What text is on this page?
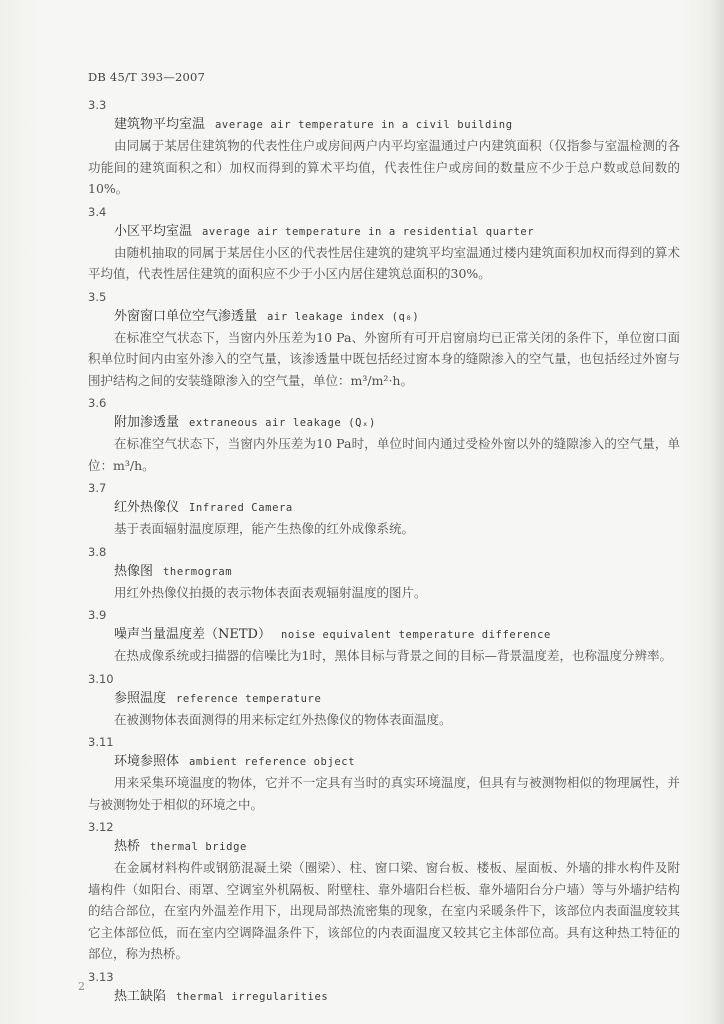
DB 45/T 393—2007
3.3
建筑物平均室温 average air temperature in a civil building
由同属于某居住建筑物的代表性住户或房间两户内平均室温通过户内建筑面积（仅指参与室温检测的各功能间的建筑面积之和）加权而得到的算术平均值，代表性住户或房间的数量应不少于总户数或总间数的10%。
3.4
小区平均室温 average air temperature in a residential quarter
由随机抽取的同属于某居住小区的代表性居住建筑的建筑平均室温通过楼内建筑面积加权而得到的算术平均值，代表性居住建筑的面积应不少于小区内居住建筑总面积的30%。
3.5
外窗窗口单位空气渗透量 air leakage index (q₀)
在标准空气状态下，当窗内外压差为10 Pa、外窗所有可开启窗扇均已正常关闭的条件下，单位窗口面积单位时间内由室外渗入的空气量，该渗透量中既包括经过窗本身的缝隙渗入的空气量，也包括经过外窗与围护结构之间的安装缝隙渗入的空气量，单位：m³/m²·h。
3.6
附加渗透量 extraneous air leakage (Qₓ)
在标准空气状态下，当窗内外压差为10 Pa时，单位时间内通过受检外窗以外的缝隙渗入的空气量，单位：m³/h。
3.7
红外热像仪 Infrared Camera
基于表面辐射温度原理，能产生热像的红外成像系统。
3.8
热像图 thermogram
用红外热像仪拍摄的表示物体表面表观辐射温度的图片。
3.9
噪声当量温度差（NETD） noise equivalent temperature difference
在热成像系统或扫描器的信噪比为1时，黑体目标与背景之间的目标—背景温度差，也称温度分辨率。
3.10
参照温度 reference temperature
在被测物体表面测得的用来标定红外热像仪的物体表面温度。
3.11
环境参照体 ambient reference object
用来采集环境温度的物体，它并不一定具有当时的真实环境温度，但具有与被测物相似的物理属性，并与被测物处于相似的环境之中。
3.12
热桥 thermal bridge
在金属材料构件或钢筋混凝土梁（圈梁）、柱、窗口梁、窗台板、楼板、屋面板、外墙的排水构件及附墙构件（如阳台、雨罩、空调室外机隔板、附壁柱、靠外墙阳台栏板、靠外墙阳台分户墙）等与外墙护结构的结合部位，在室内外温差作用下，出现局部热流密集的现象，在室内采暖条件下，该部位内表面温度较其它主体部位低，而在室内空调降温条件下，该部位的内表面温度又较其它主体部位高。具有这种热工特征的部位，称为热桥。
3.13
热工缺陷 thermal irregularities
2
